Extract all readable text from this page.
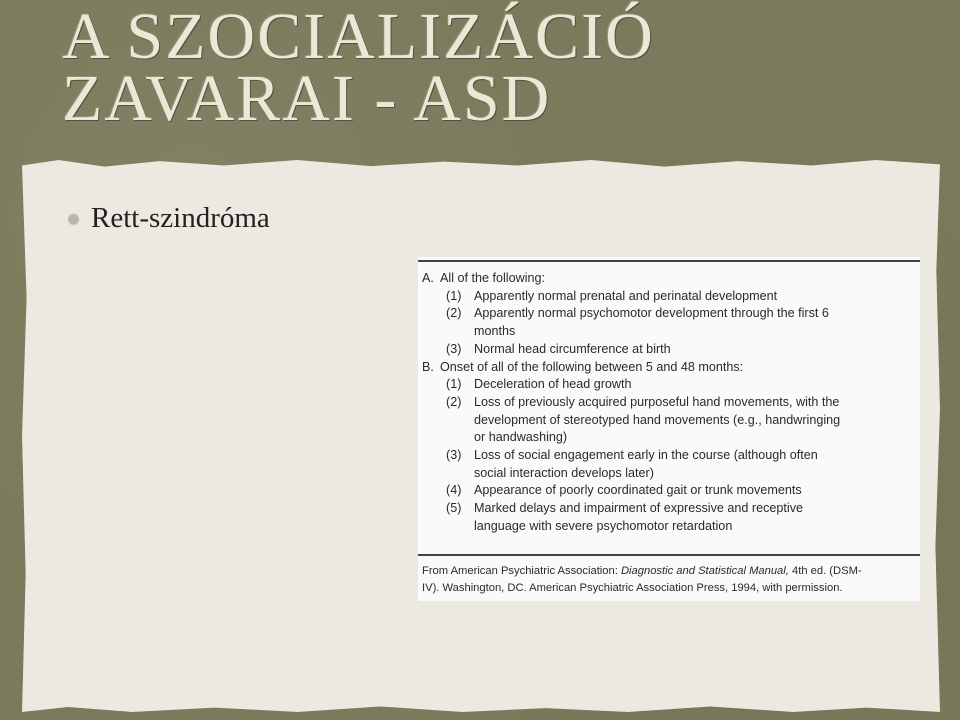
A SZOCIALIZÁCIÓ
ZAVARAI - ASD
Rett-szindróma
A. All of the following:
(1) Apparently normal prenatal and perinatal development
(2) Apparently normal psychomotor development through the first 6
months
(3) Normal head circumference at birth
B. Onset of all of the following between 5 and 48 months:
(1) Deceleration of head growth
(2) Loss of previously acquired purposeful hand movements, with the
development of stereotyped hand movements (e.g., handwringing
or handwashing)
(3) Loss of social engagement early in the course (although often
social interaction develops later)
(4) Appearance of poorly coordinated gait or trunk movements
(5) Marked delays and impairment of expressive and receptive
language with severe psychomotor retardation
From American Psychiatric Association: Diagnostic and Statistical Manual, 4th ed. (DSM-
IV). Washington, DC. American Psychiatric Association Press, 1994, with permission.
